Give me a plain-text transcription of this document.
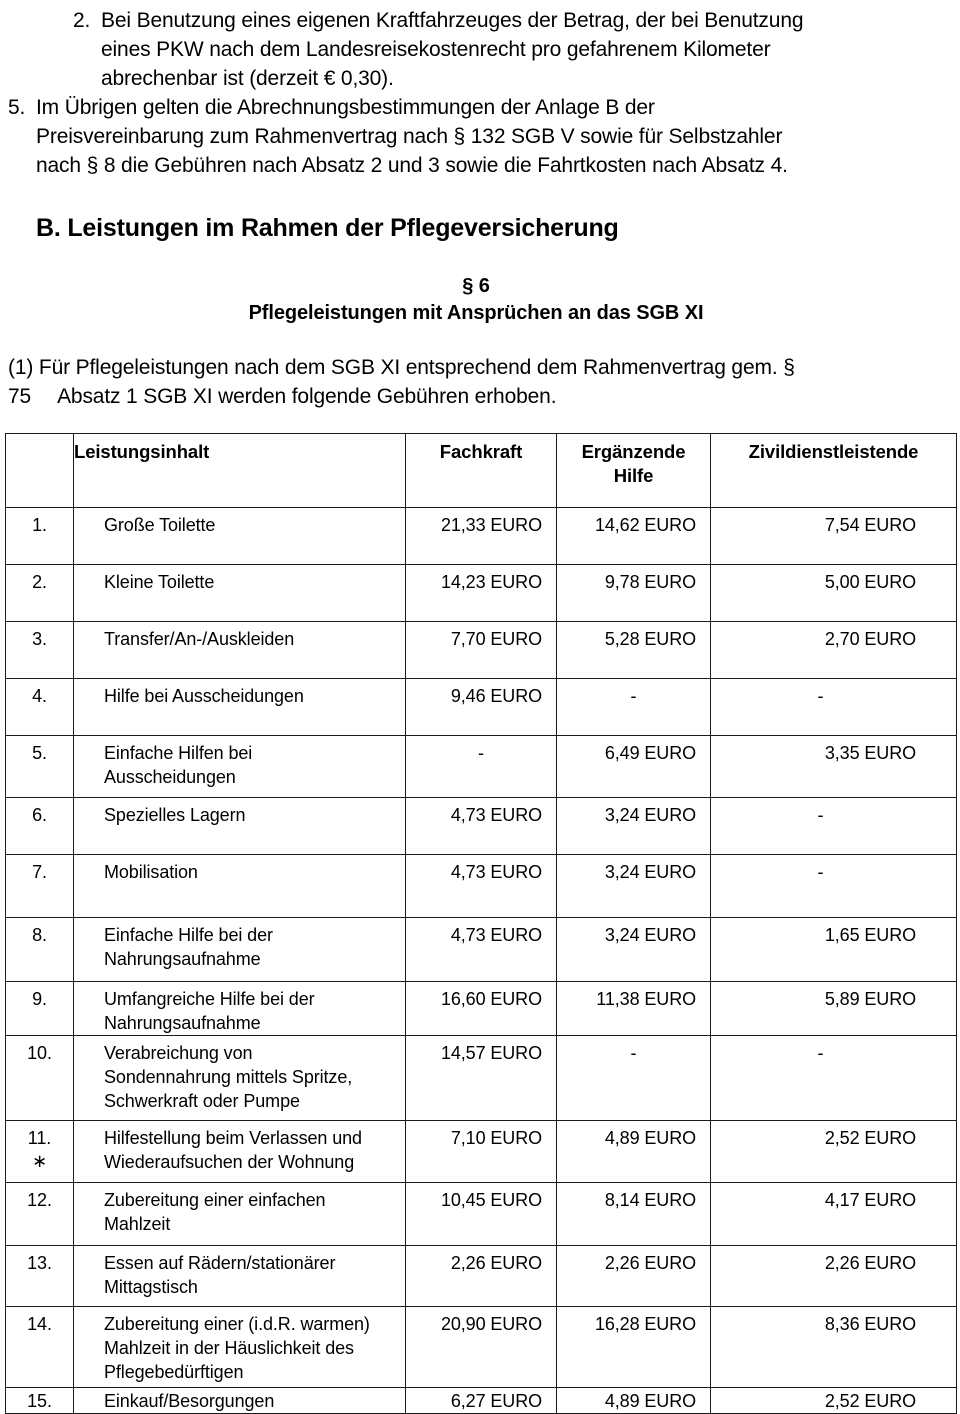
2. Bei Benutzung eines eigenen Kraftfahrzeuges der Betrag, der bei Benutzung
eines PKW nach dem Landesreisekostenrecht pro gefahrenem Kilometer
abrechenbar ist (derzeit € 0,30).
5. Im Übrigen gelten die Abrechnungsbestimmungen der Anlage B der
Preisvereinbarung zum Rahmenvertrag nach § 132 SGB V sowie für Selbstzahler
nach § 8 die Gebühren nach Absatz 2 und 3 sowie die Fahrtkosten nach Absatz 4.
B. Leistungen im Rahmen der Pflegeversicherung
§ 6
Pflegeleistungen mit Ansprüchen an das SGB XI
(1) Für Pflegeleistungen nach dem SGB XI entsprechend dem Rahmenvertrag gem. §
75 Absatz 1 SGB XI werden folgende Gebühren erhoben.
	Leistungsinhalt	Fachkraft	Ergänzende
Hilfe	Zivildienstleistende
1.	Große Toilette	21,33 EURO	14,62 EURO	7,54 EURO
2.	Kleine Toilette	14,23 EURO	9,78 EURO	5,00 EURO
3.	Transfer/An-/Auskleiden	7,70 EURO	5,28 EURO	2,70 EURO
4.	Hilfe bei Ausscheidungen	9,46 EURO	-	-
5.	Einfache Hilfen bei
Ausscheidungen	-	6,49 EURO	3,35 EURO
6.	Spezielles Lagern	4,73 EURO	3,24 EURO	-
7.	Mobilisation	4,73 EURO	3,24 EURO	-
8.	Einfache Hilfe bei der
Nahrungsaufnahme	4,73 EURO	3,24 EURO	1,65 EURO
9.	Umfangreiche Hilfe bei der
Nahrungsaufnahme	16,60 EURO	11,38 EURO	5,89 EURO
10.	Verabreichung von
Sondennahrung mittels Spritze,
Schwerkraft oder Pumpe	14,57 EURO	-	-
11.
∗	Hilfestellung beim Verlassen und
Wiederaufsuchen der Wohnung	7,10 EURO	4,89 EURO	2,52 EURO
12.	Zubereitung einer einfachen
Mahlzeit	10,45 EURO	8,14 EURO	4,17 EURO
13.	Essen auf Rädern/stationärer
Mittagstisch	2,26 EURO	2,26 EURO	2,26 EURO
14.	Zubereitung einer (i.d.R. warmen)
Mahlzeit in der Häuslichkeit des
Pflegebedürftigen	20,90 EURO	16,28 EURO	8,36 EURO
15.	Einkauf/Besorgungen	6,27 EURO	4,89 EURO	2,52 EURO
